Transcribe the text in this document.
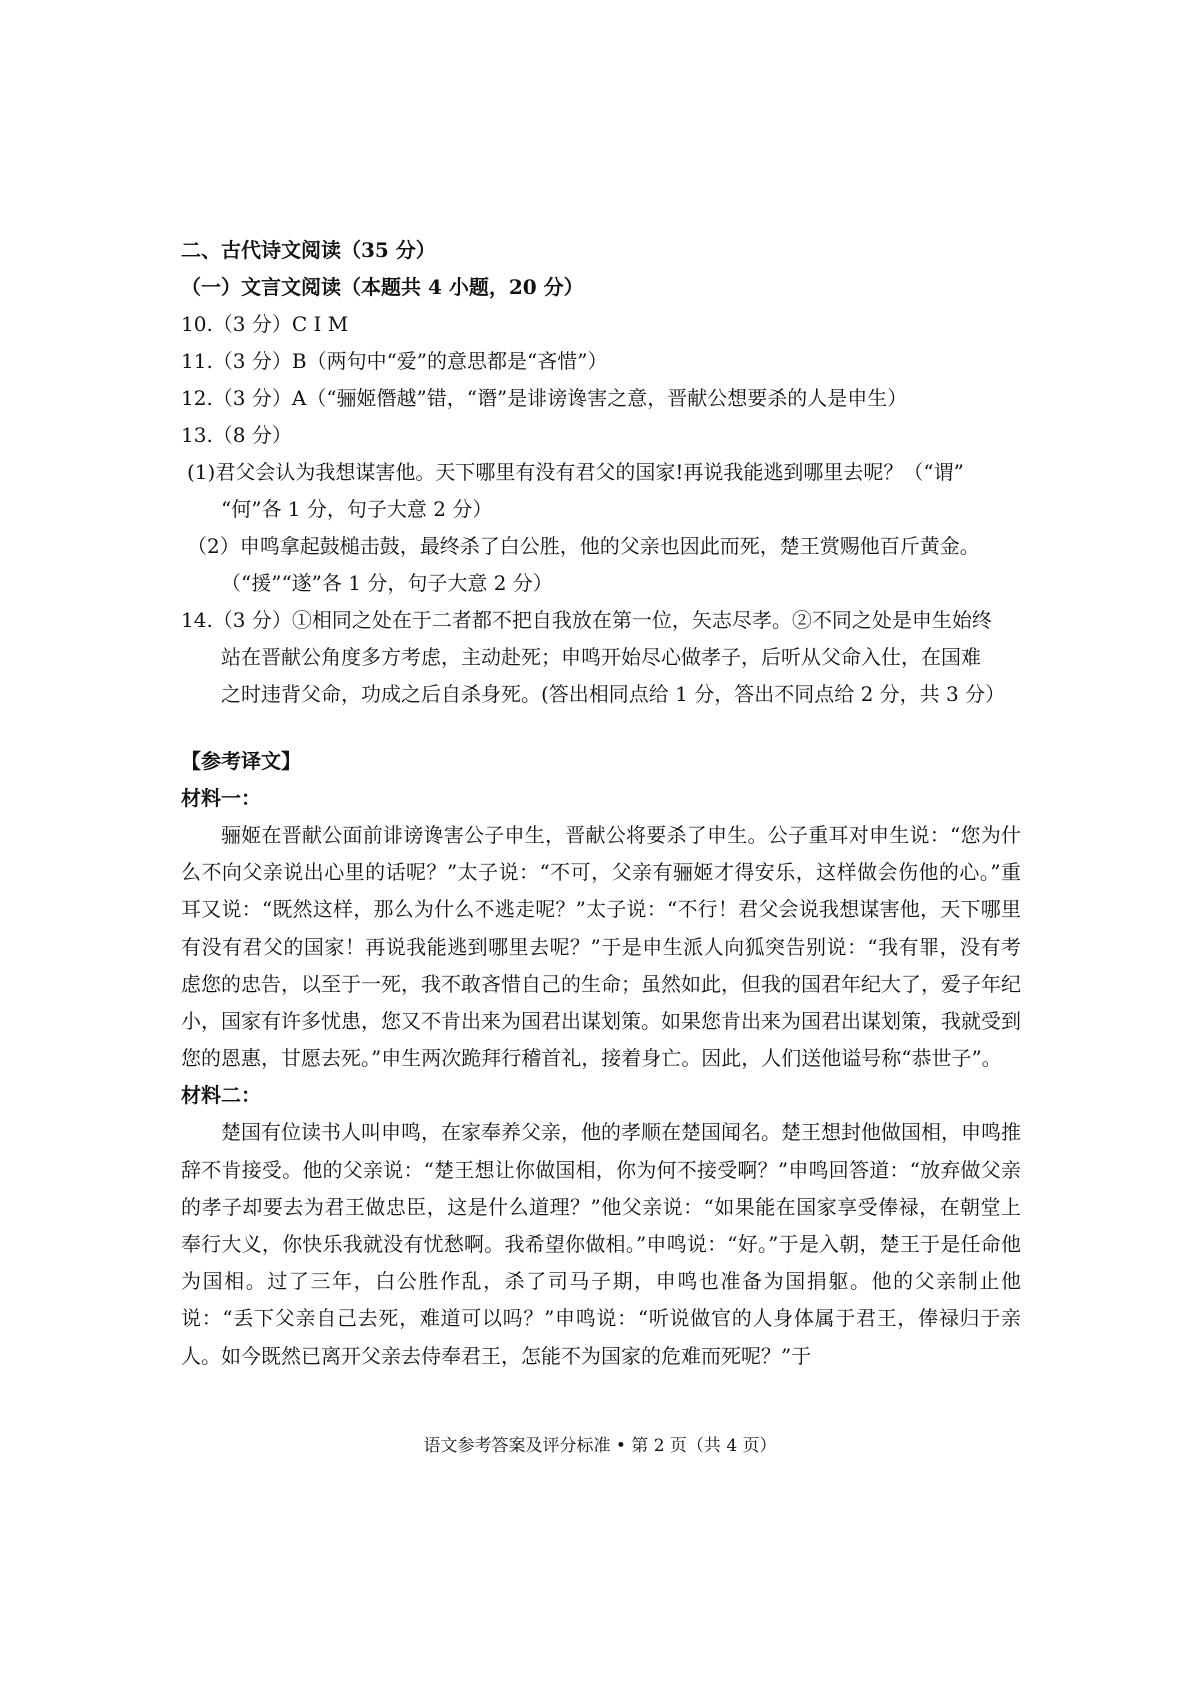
二、古代诗文阅读（35 分）

（一）文言文阅读（本题共 4 小题，20 分）

10.（3 分）C I M

11.（3 分）B（两句中“爱”的意思都是“吝惜”）

12.（3 分）A（“骊姬僭越”错，“谮”是诽谤谗害之意，晋献公想要杀的人是申生）

13.（8 分）

(1)君父会认为我想谋害他。天下哪里有没有君父的国家!再说我能逃到哪里去呢？（“谓”

“何”各 1 分，句子大意 2 分）

（2）申鸣拿起鼓槌击鼓，最终杀了白公胜，他的父亲也因此而死，楚王赏赐他百斤黄金。

（“援”“遂”各 1 分，句子大意 2 分）

14.（3 分）①相同之处在于二者都不把自我放在第一位，矢志尽孝。②不同之处是申生始终

站在晋献公角度多方考虑，主动赴死；申鸣开始尽心做孝子，后听从父命入仕，在国难

之时违背父命，功成之后自杀身死。(答出相同点给 1 分，答出不同点给 2 分，共 3 分）

【参考译文】

材料一：

骊姬在晋献公面前诽谤谗害公子申生，晋献公将要杀了申生。公子重耳对申生说：“您为什么不向父亲说出心里的话呢？”太子说：“不可，父亲有骊姬才得安乐，这样做会伤他的心。”重耳又说：“既然这样，那么为什么不逃走呢？”太子说：“不行！君父会说我想谋害他，天下哪里有没有君父的国家！再说我能逃到哪里去呢？”于是申生派人向狐突告别说：“我有罪，没有考虑您的忠告，以至于一死，我不敢吝惜自己的生命；虽然如此，但我的国君年纪大了，爱子年纪小，国家有许多忧患，您又不肯出来为国君出谋划策。如果您肯出来为国君出谋划策，我就受到您的恩惠，甘愿去死。”申生两次跪拜行稽首礼，接着身亡。因此，人们送他谥号称“恭世子”。

材料二：

楚国有位读书人叫申鸣，在家奉养父亲，他的孝顺在楚国闻名。楚王想封他做国相，申鸣推辞不肯接受。他的父亲说：“楚王想让你做国相，你为何不接受啊？”申鸣回答道：“放弃做父亲的孝子却要去为君王做忠臣，这是什么道理？”他父亲说：“如果能在国家享受俸禄，在朝堂上奉行大义，你快乐我就没有忧愁啊。我希望你做相。”申鸣说：“好。”于是入朝，楚王于是任命他为国相。过了三年，白公胜作乱，杀了司马子期，申鸣也准备为国捐躯。他的父亲制止他说：“丢下父亲自己去死，难道可以吗？”申鸣说：“听说做官的人身体属于君王，俸禄归于亲人。如今既然已离开父亲去侍奉君王，怎能不为国家的危难而死呢？”于

语文参考答案及评分标准 • 第 2 页（共 4 页）
